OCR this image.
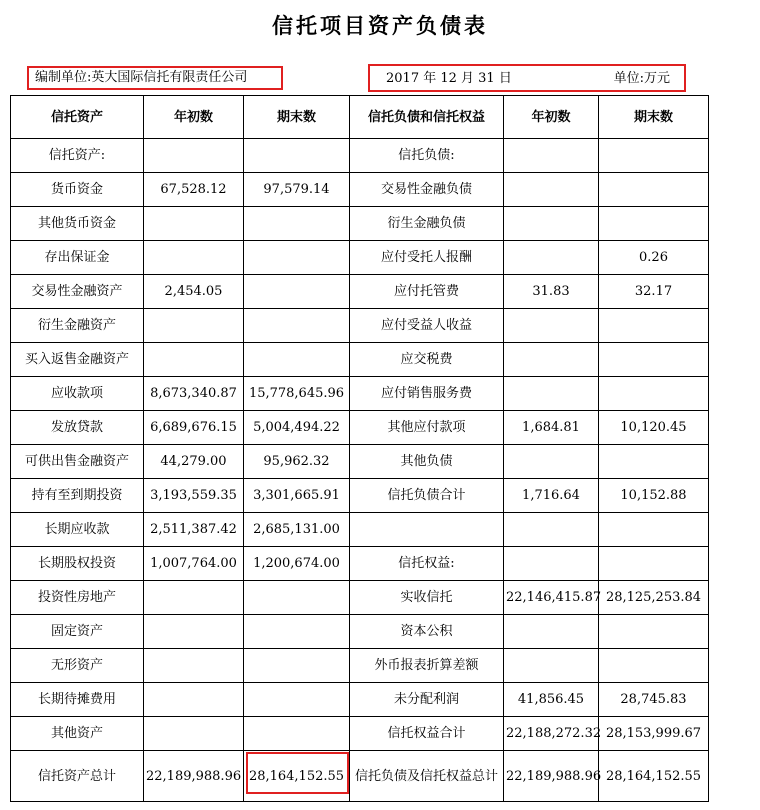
信托项目资产负债表
编制单位:英大国际信托有限责任公司	2017 年 12 月 31 日	单位:万元
信托资产	年初数	期末数	信托负债和信托权益	年初数	期末数
信托资产:			信托负债:		
货币资金	67,528.12	97,579.14	交易性金融负债		
其他货币资金			衍生金融负债		
存出保证金			应付受托人报酬		0.26
交易性金融资产	2,454.05		应付托管费	31.83	32.17
衍生金融资产			应付受益人收益		
买入返售金融资产			应交税费		
应收款项	8,673,340.87	15,778,645.96	应付销售服务费		
发放贷款	6,689,676.15	5,004,494.22	其他应付款项	1,684.81	10,120.45
可供出售金融资产	44,279.00	95,962.32	其他负债		
持有至到期投资	3,193,559.35	3,301,665.91	信托负债合计	1,716.64	10,152.88
长期应收款	2,511,387.42	2,685,131.00			
长期股权投资	1,007,764.00	1,200,674.00	信托权益:		
投资性房地产			实收信托	22,146,415.87	28,125,253.84
固定资产			资本公积		
无形资产			外币报表折算差额		
长期待摊费用			未分配利润	41,856.45	28,745.83
其他资产			信托权益合计	22,188,272.32	28,153,999.67
信托资产总计	22,189,988.96	28,164,152.55	信托负债及信托权益总计	22,189,988.96	28,164,152.55
